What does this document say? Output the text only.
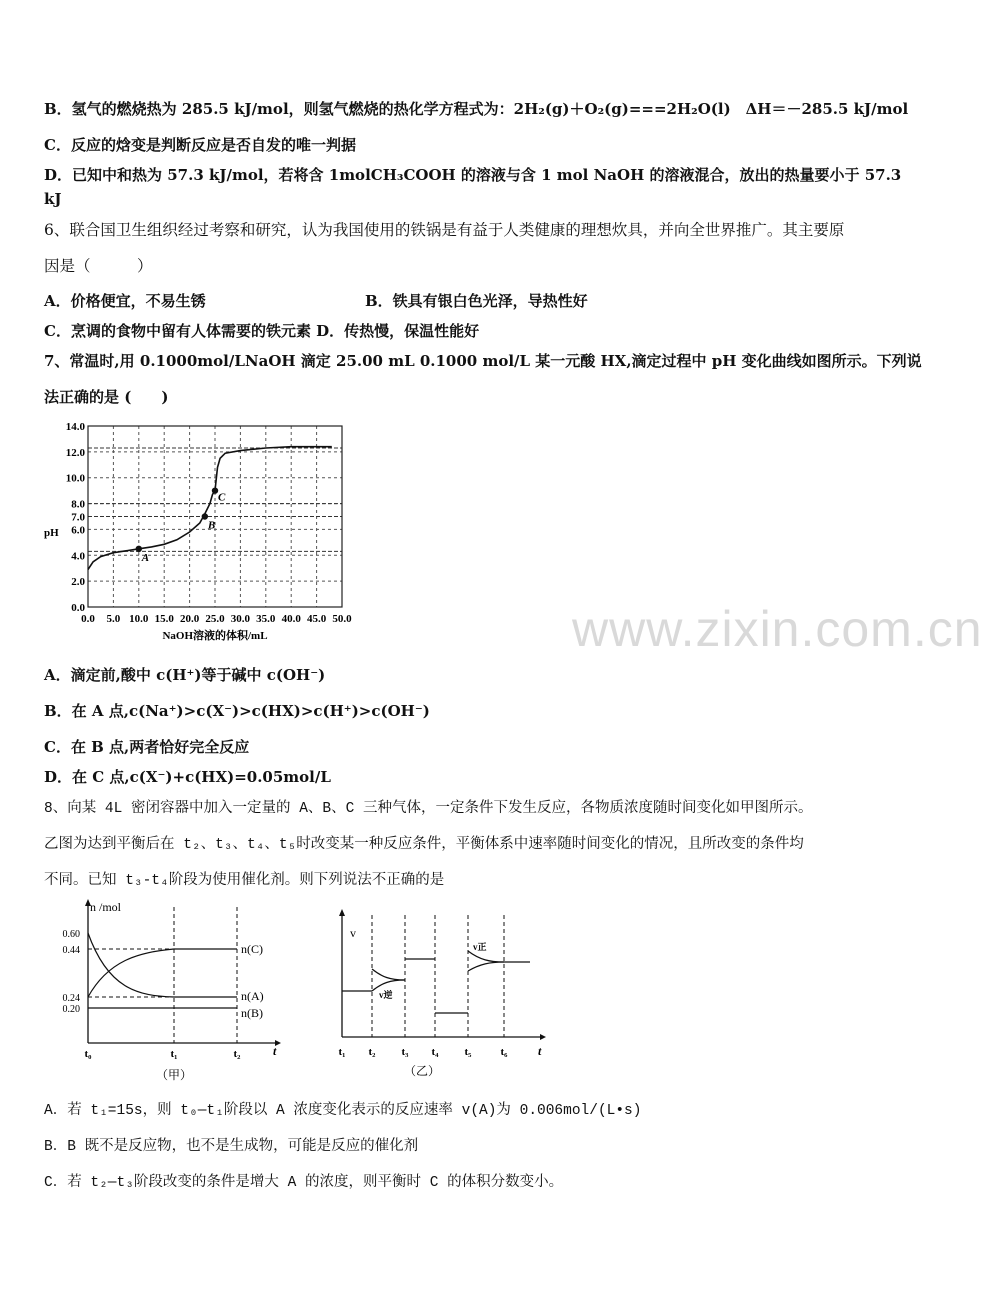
B．氢气的燃烧热为 285.5 kJ/mol，则氢气燃烧的热化学方程式为：2H₂(g)＋O₂(g)===2H₂O(l)　ΔH＝－285.5 kJ/mol
C．反应的焓变是判断反应是否自发的唯一判据
D．已知中和热为 57.3 kJ/mol，若将含 1molCH₃COOH 的溶液与含 1 mol NaOH 的溶液混合，放出的热量要小于 57.3
kJ
6、联合国卫生组织经过考察和研究，认为我国使用的铁锅是有益于人类健康的理想炊具，并向全世界推广。其主要原
因是（　　　）
A．价格便宜，不易生锈	B．铁具有银白色光泽，导热性好
C．烹调的食物中留有人体需要的铁元素 D．传热慢，保温性能好
7、常温时,用 0.1000mol/LNaOH 滴定 25.00 mL 0.1000 mol/L 某一元酸 HX,滴定过程中 pH 变化曲线如图所示。下列说
法正确的是 (　　)
0.0 5.0 10.0 15.0 20.0 25.0 30.0 35.0 40.0 45.0 50.0
0.0
2.0
4.0
6.0
7.0
8.0
10.0
12.0
14.0
pH
NaOH溶液的体积/mL
A
B
C
A．滴定前,酸中 c(H⁺)等于碱中 c(OH⁻)
B．在 A 点,c(Na⁺)>c(X⁻)>c(HX)>c(H⁺)>c(OH⁻)
C．在 B 点,两者恰好完全反应
D．在 C 点,c(X⁻)+c(HX)=0.05mol/L
8、向某 4L 密闭容器中加入一定量的 A、B、C 三种气体，一定条件下发生反应，各物质浓度随时间变化如甲图所示。
乙图为达到平衡后在 t₂、t₃、t₄、t₅时改变某一种反应条件，平衡体系中速率随时间变化的情况，且所改变的条件均
不同。已知 t₃-t₄阶段为使用催化剂。则下列说法不正确的是
n /mol
t
0.60
0.44
0.24
0.20
t₀	t₁	t₂
n(C)
n(A)
n(B)
（甲）
v
t
t₁ t₂ t₃ t₄ t₅	t₆
v正
v逆
（乙）
A．若 t₁=15s，则 t₀—t₁阶段以 A 浓度变化表示的反应速率 v(A)为 0.006mol/(L•s)
B．B 既不是反应物，也不是生成物，可能是反应的催化剂
C．若 t₂—t₃阶段改变的条件是增大 A 的浓度，则平衡时 C 的体积分数变小。
www.zixin.com.cn
